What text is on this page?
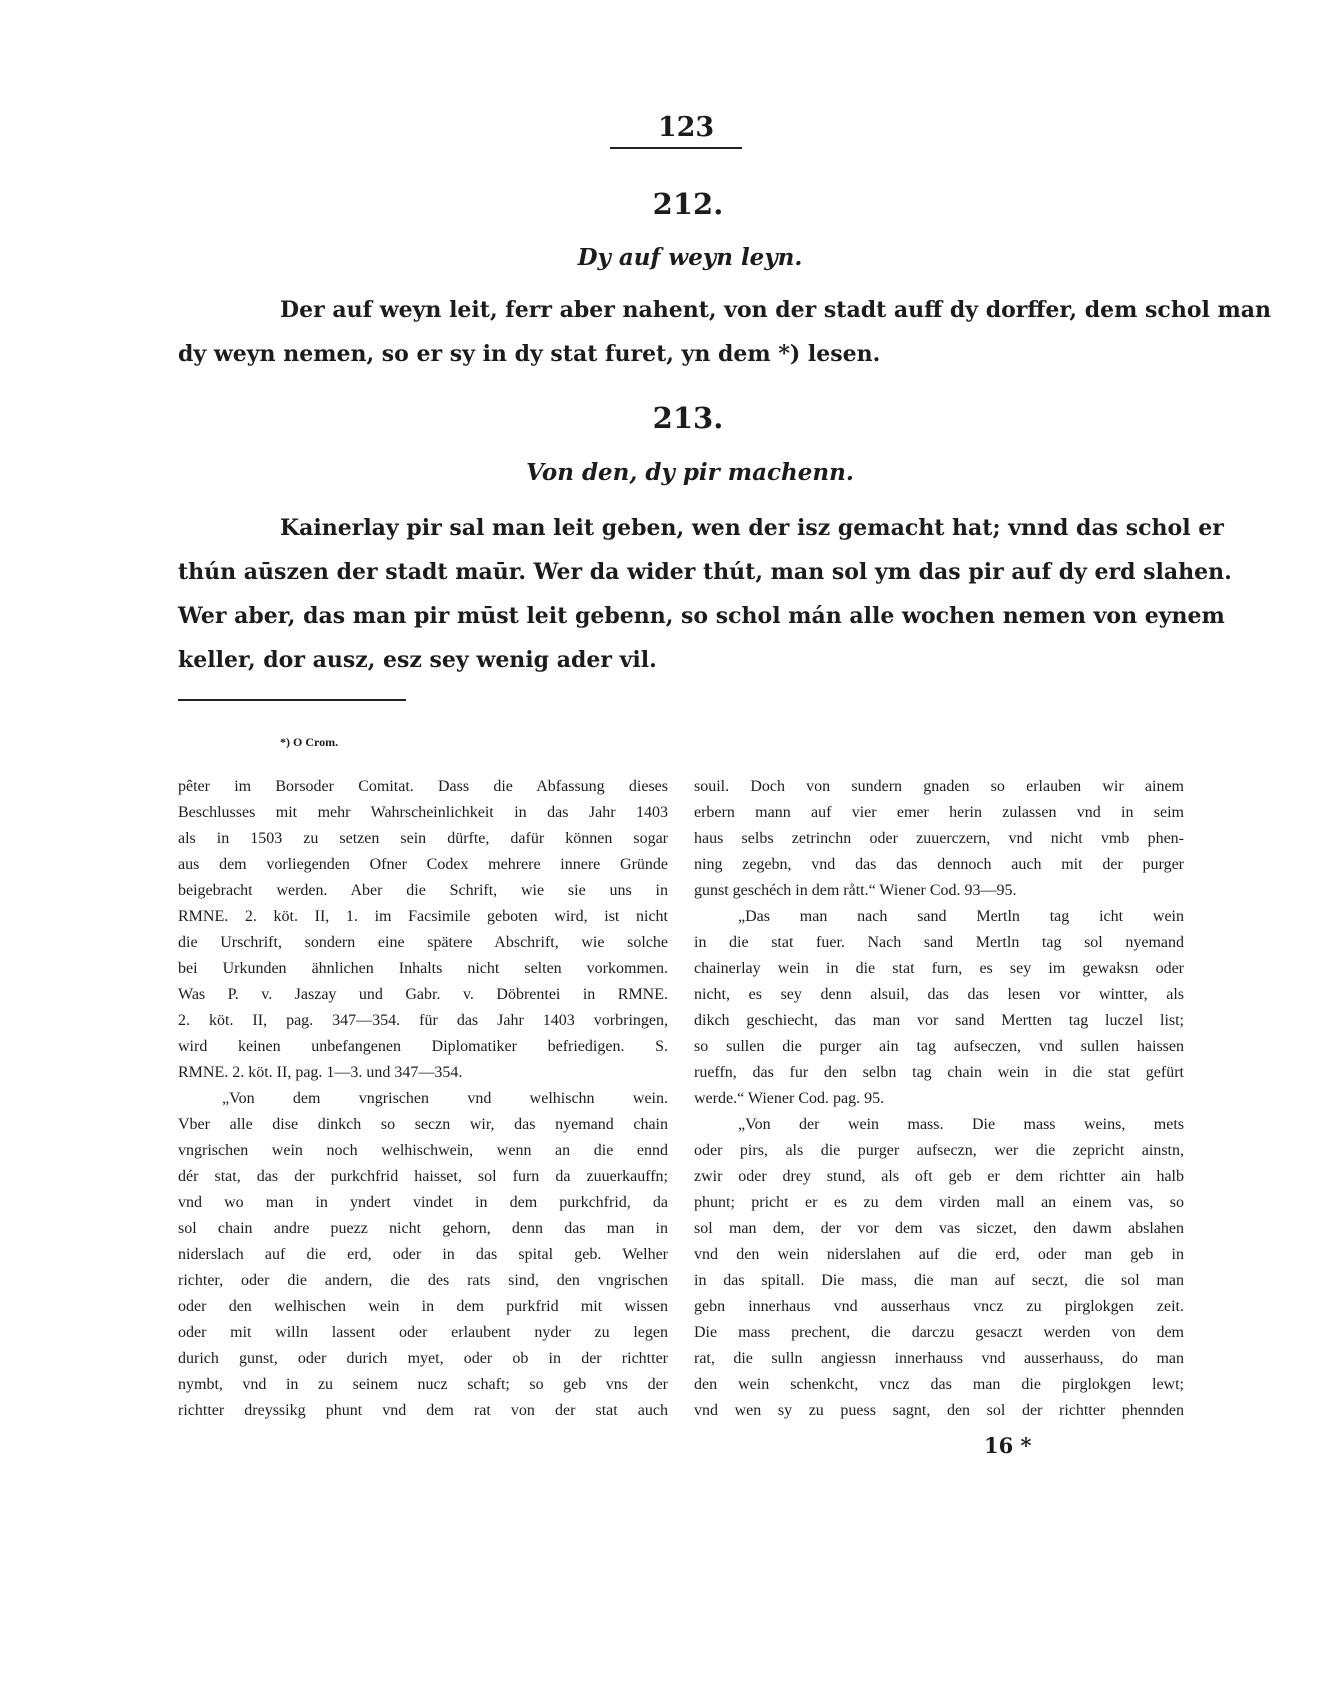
123
212.
Dy auf weyn leyn.
Der auf weyn leit, ferr aber nahent, von der stadt auff dy dorffer, dem schol man
dy weyn nemen, so er sy in dy stat furet, yn dem *) lesen.
213.
Von den, dy pir machenn.
Kainerlay pir sal man leit geben, wen der isz gemacht hat; vnnd das schol er
thún aūszen der stadt maūr. Wer da wider thút, man sol ym das pir auf dy erd slahen.
Wer aber, das man pir mūst leit gebenn, so schol mán alle wochen nemen von eynem
keller, dor ausz, esz sey wenig ader vil.
*) O Crom.
pêter im Borsoder Comitat. Dass die Abfassung dieses
Beschlusses mit mehr Wahrscheinlichkeit in das Jahr 1403
als in 1503 zu setzen sein dürfte, dafür können sogar
aus dem vorliegenden Ofner Codex mehrere innere Gründe
beigebracht werden. Aber die Schrift, wie sie uns in
RMNE. 2. köt. II, 1. im Facsimile geboten wird, ist nicht
die Urschrift, sondern eine spätere Abschrift, wie solche
bei Urkunden ähnlichen Inhalts nicht selten vorkommen.
Was P. v. Jaszay und Gabr. v. Döbrentei in RMNE.
2. köt. II, pag. 347—354. für das Jahr 1403 vorbringen,
wird keinen unbefangenen Diplomatiker befriedigen. S.
RMNE. 2. köt. II, pag. 1—3. und 347—354.
„Von dem vngrischen vnd welhischn wein.
Vber alle dise dinkch so seczn wir, das nyemand chain
vngrischen wein noch welhischwein, wenn an die ennd
dér stat, das der purkchfrid haisset, sol furn da zuuerkauffn;
vnd wo man in yndert vindet in dem purkchfrid, da
sol chain andre puezz nicht gehorn, denn das man in
niderslach auf die erd, oder in das spital geb. Welher
richter, oder die andern, die des rats sind, den vngrischen
oder den welhischen wein in dem purkfrid mit wissen
oder mit willn lassent oder erlaubent nyder zu legen
durich gunst, oder durich myet, oder ob in der richtter
nymbt, vnd in zu seinem nucz schaft; so geb vns der
richtter dreyssikg phunt vnd dem rat von der stat auch
souil. Doch von sundern gnaden so erlauben wir ainem
erbern mann auf vier emer herin zulassen vnd in seim
haus selbs zetrinchn oder zuuerczern, vnd nicht vmb phen-
ning zegebn, vnd das das dennoch auch mit der purger
gunst geschéch in dem rått.“ Wiener Cod. 93—95.
„Das man nach sand Mertln tag icht wein
in die stat fuer. Nach sand Mertln tag sol nyemand
chainerlay wein in die stat furn, es sey im gewaksn oder
nicht, es sey denn alsuil, das das lesen vor wintter, als
dikch geschiecht, das man vor sand Mertten tag luczel list;
so sullen die purger ain tag aufseczen, vnd sullen haissen
rueffn, das fur den selbn tag chain wein in die stat gefürt
werde.“ Wiener Cod. pag. 95.
„Von der wein mass. Die mass weins, mets
oder pirs, als die purger aufseczn, wer die zepricht ainstn,
zwir oder drey stund, als oft geb er dem richtter ain halb
phunt; pricht er es zu dem virden mall an einem vas, so
sol man dem, der vor dem vas siczet, den dawm abslahen
vnd den wein niderslahen auf die erd, oder man geb in
in das spitall. Die mass, die man auf seczt, die sol man
gebn innerhaus vnd ausserhaus vncz zu pirglokgen zeit.
Die mass prechent, die darczu gesaczt werden von dem
rat, die sulln angiessn innerhauss vnd ausserhauss, do man
den wein schenkcht, vncz das man die pirglokgen lewt;
vnd wen sy zu puess sagnt, den sol der richtter phennden
16 *
